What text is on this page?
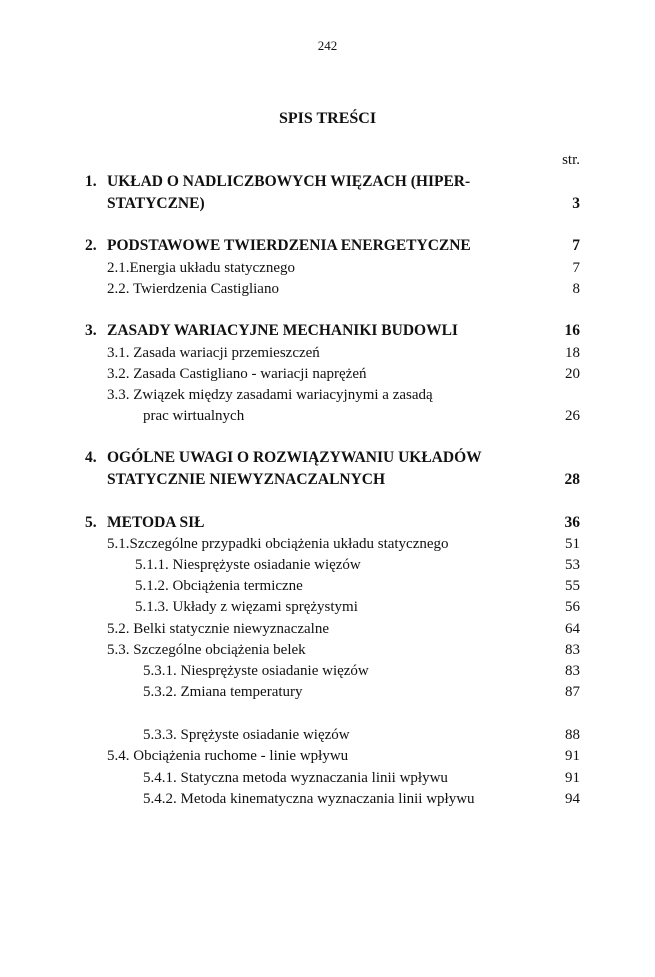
242
SPIS TREŚCI
str.
1. UKŁAD O NADLICZBOWYCH WIĘZACH (HIPER-
STATYCZNE)	3
2. PODSTAWOWE TWIERDZENIA ENERGETYCZNE	7
2.1.Energia układu statycznego	7
2.2. Twierdzenia Castigliano	8
3. ZASADY WARIACYJNE MECHANIKI BUDOWLI	16
3.1. Zasada wariacji przemieszczeń	18
3.2. Zasada Castigliano - wariacji naprężeń	20
3.3. Związek między zasadami wariacyjnymi a zasadą
prac wirtualnych	26
4. OGÓLNE UWAGI O ROZWIĄZYWANIU UKŁADÓW
STATYCZNIE NIEWYZNACZALNYCH	28
5. METODA SIŁ	36
5.1.Szczególne przypadki obciążenia układu statycznego	51
5.1.1. Niesprężyste osiadanie więzów	53
5.1.2. Obciążenia termiczne	55
5.1.3. Układy z więzami sprężystymi	56
5.2. Belki statycznie niewyznaczalne	64
5.3. Szczególne obciążenia belek	83
5.3.1. Niesprężyste osiadanie więzów	83
5.3.2. Zmiana temperatury	87
5.3.3. Sprężyste osiadanie więzów	88
5.4. Obciążenia ruchome - linie wpływu	91
5.4.1. Statyczna metoda wyznaczania linii wpływu	91
5.4.2. Metoda kinematyczna wyznaczania linii wpływu	94
